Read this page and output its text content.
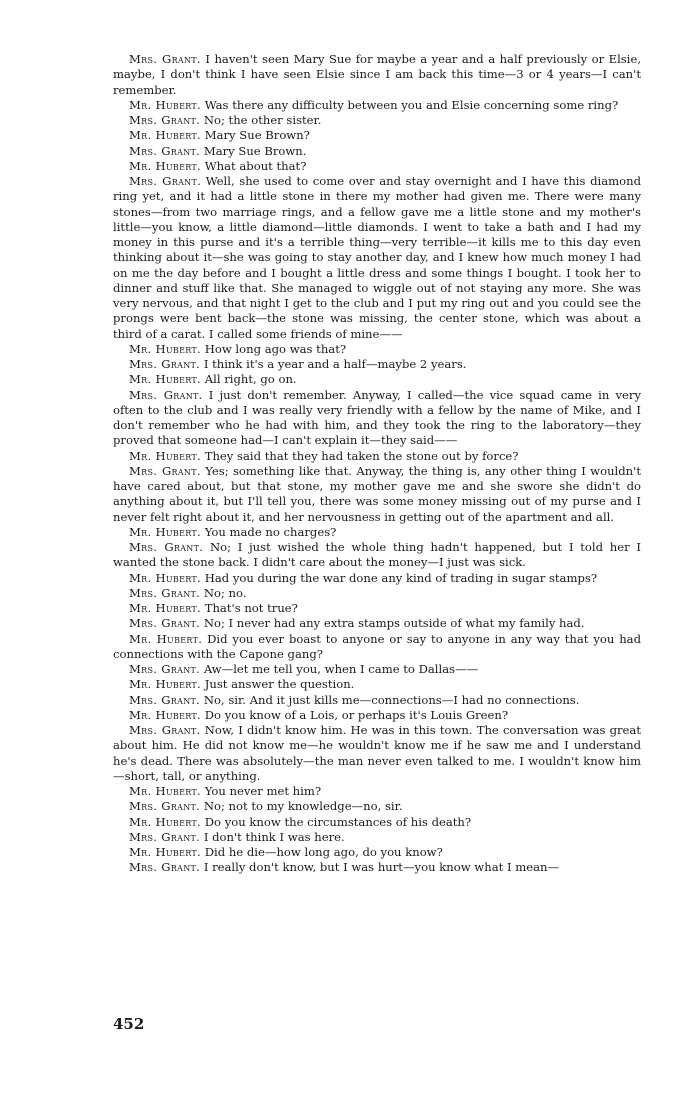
Mrs. Grant. I haven't seen Mary Sue for maybe a year and a half previously or Elsie, maybe, I don't think I have seen Elsie since I am back this time—3 or 4 years—I can't remember.

Mr. Hubert. Was there any difficulty between you and Elsie concerning some ring?

Mrs. Grant. No; the other sister.

Mr. Hubert. Mary Sue Brown?

Mrs. Grant. Mary Sue Brown.

Mr. Hubert. What about that?

Mrs. Grant. Well, she used to come over and stay overnight and I have this diamond ring yet, and it had a little stone in there my mother had given me. There were many stones—from two marriage rings, and a fellow gave me a little stone and my mother's little—you know, a little diamond—little diamonds. I went to take a bath and I had my money in this purse and it's a terrible thing—very terrible—it kills me to this day even thinking about it—she was going to stay another day, and I knew how much money I had on me the day before and I bought a little dress and some things I bought. I took her to dinner and stuff like that. She managed to wiggle out of not staying any more. She was very nervous, and that night I get to the club and I put my ring out and you could see the prongs were bent back—the stone was missing, the center stone, which was about a third of a carat. I called some friends of mine——

Mr. Hubert. How long ago was that?

Mrs. Grant. I think it's a year and a half—maybe 2 years.

Mr. Hubert. All right, go on.

Mrs. Grant. I just don't remember. Anyway, I called—the vice squad came in very often to the club and I was really very friendly with a fellow by the name of Mike, and I don't remember who he had with him, and they took the ring to the laboratory—they proved that someone had—I can't explain it—they said——

Mr. Hubert. They said that they had taken the stone out by force?

Mrs. Grant. Yes; something like that. Anyway, the thing is, any other thing I wouldn't have cared about, but that stone, my mother gave me and she swore she didn't do anything about it, but I'll tell you, there was some money missing out of my purse and I never felt right about it, and her nervousness in getting out of the apartment and all.

Mr. Hubert. You made no charges?

Mrs. Grant. No; I just wished the whole thing hadn't happened, but I told her I wanted the stone back. I didn't care about the money—I just was sick.

Mr. Hubert. Had you during the war done any kind of trading in sugar stamps?

Mrs. Grant. No; no.

Mr. Hubert. That's not true?

Mrs. Grant. No; I never had any extra stamps outside of what my family had.

Mr. Hubert. Did you ever boast to anyone or say to anyone in any way that you had connections with the Capone gang?

Mrs. Grant. Aw—let me tell you, when I came to Dallas——

Mr. Hubert. Just answer the question.

Mrs. Grant. No, sir. And it just kills me—connections—I had no connections.

Mr. Hubert. Do you know of a Lois, or perhaps it's Louis Green?

Mrs. Grant. Now, I didn't know him. He was in this town. The conversation was great about him. He did not know me—he wouldn't know me if he saw me and I understand he's dead. There was absolutely—the man never even talked to me. I wouldn't know him—short, tall, or anything.

Mr. Hubert. You never met him?

Mrs. Grant. No; not to my knowledge—no, sir.

Mr. Hubert. Do you know the circumstances of his death?

Mrs. Grant. I don't think I was here.

Mr. Hubert. Did he die—how long ago, do you know?

Mrs. Grant. I really don't know, but I was hurt—you know what I mean—

452
